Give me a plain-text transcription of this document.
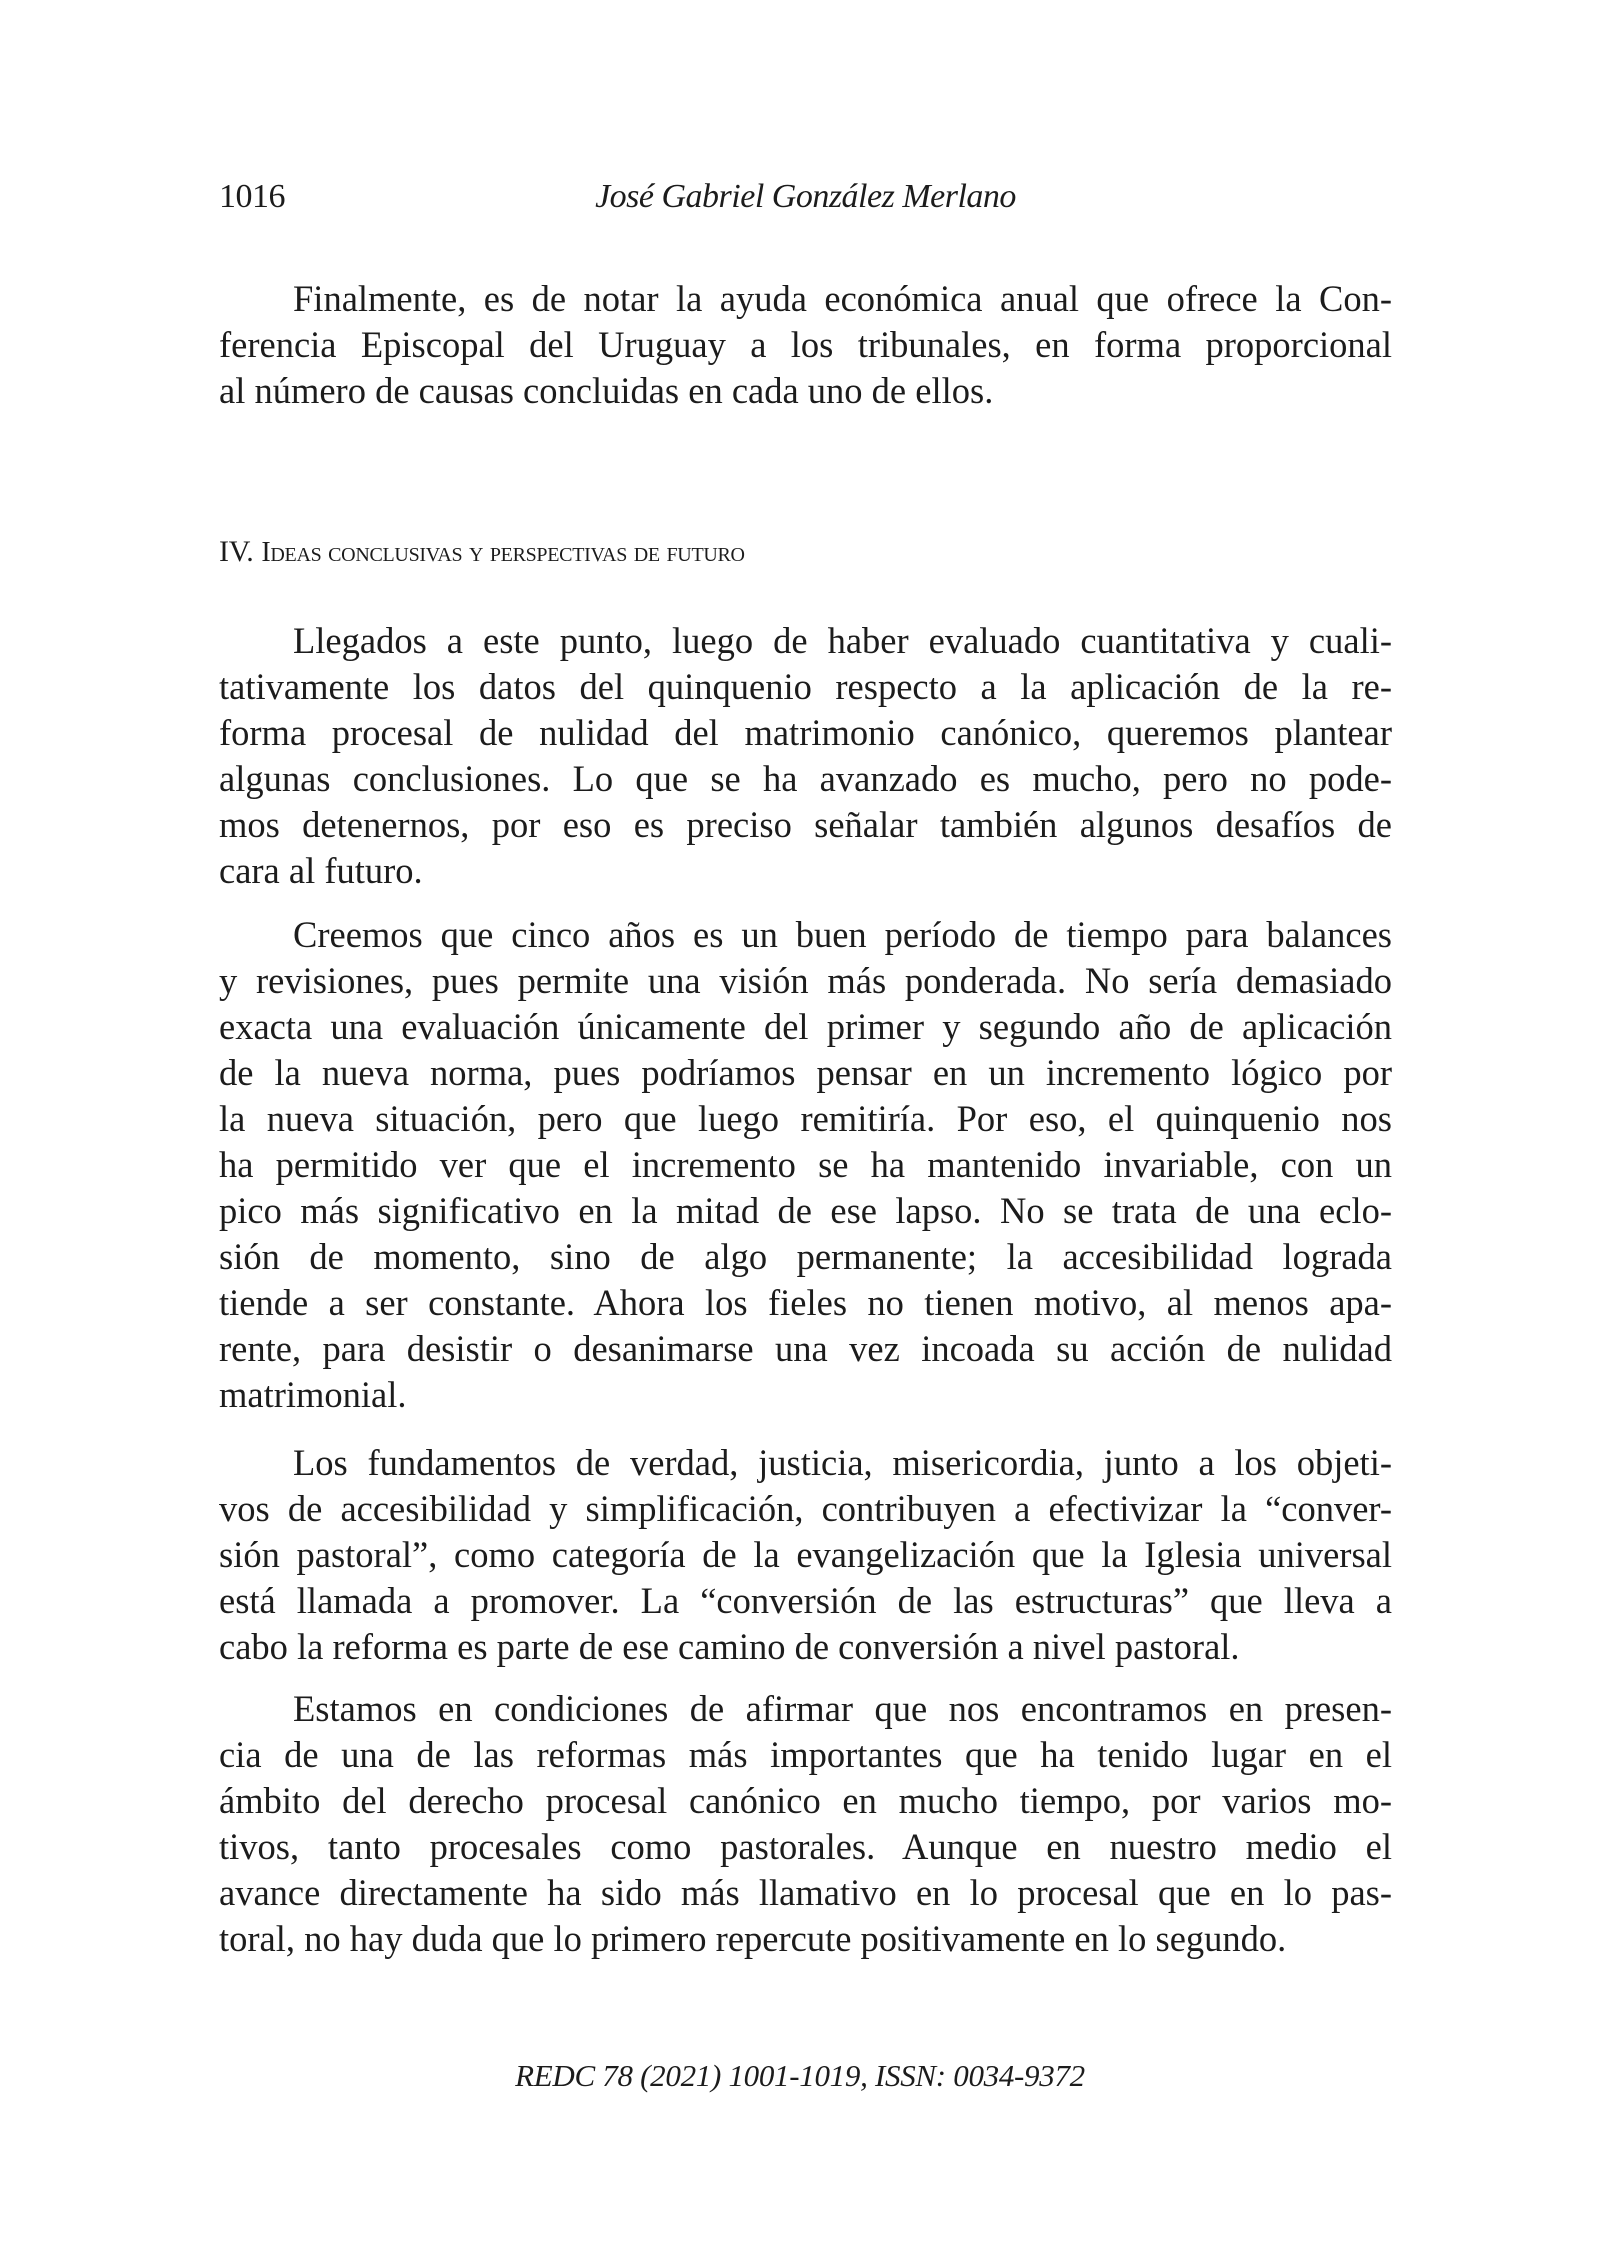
1016	José Gabriel González Merlano

Finalmente, es de notar la ayuda económica anual que ofrece la Con-
ferencia Episcopal del Uruguay a los tribunales, en forma proporcional
al número de causas concluidas en cada uno de ellos.

IV. Ideas conclusivas y perspectivas de futuro

Llegados a este punto, luego de haber evaluado cuantitativa y cuali-
tativamente los datos del quinquenio respecto a la aplicación de la re-
forma procesal de nulidad del matrimonio canónico, queremos plantear
algunas conclusiones. Lo que se ha avanzado es mucho, pero no pode-
mos detenernos, por eso es preciso señalar también algunos desafíos de
cara al futuro.

Creemos que cinco años es un buen período de tiempo para balances
y revisiones, pues permite una visión más ponderada. No sería demasiado
exacta una evaluación únicamente del primer y segundo año de aplicación
de la nueva norma, pues podríamos pensar en un incremento lógico por
la nueva situación, pero que luego remitiría. Por eso, el quinquenio nos
ha permitido ver que el incremento se ha mantenido invariable, con un
pico más significativo en la mitad de ese lapso. No se trata de una eclo-
sión de momento, sino de algo permanente; la accesibilidad lograda
tiende a ser constante. Ahora los fieles no tienen motivo, al menos apa-
rente, para desistir o desanimarse una vez incoada su acción de nulidad
matrimonial.

Los fundamentos de verdad, justicia, misericordia, junto a los objeti-
vos de accesibilidad y simplificación, contribuyen a efectivizar la “conver-
sión pastoral”, como categoría de la evangelización que la Iglesia universal
está llamada a promover. La “conversión de las estructuras” que lleva a
cabo la reforma es parte de ese camino de conversión a nivel pastoral.

Estamos en condiciones de afirmar que nos encontramos en presen-
cia de una de las reformas más importantes que ha tenido lugar en el
ámbito del derecho procesal canónico en mucho tiempo, por varios mo-
tivos, tanto procesales como pastorales. Aunque en nuestro medio el
avance directamente ha sido más llamativo en lo procesal que en lo pas-
toral, no hay duda que lo primero repercute positivamente en lo segundo.

REDC 78 (2021) 1001-1019, ISSN: 0034-9372
